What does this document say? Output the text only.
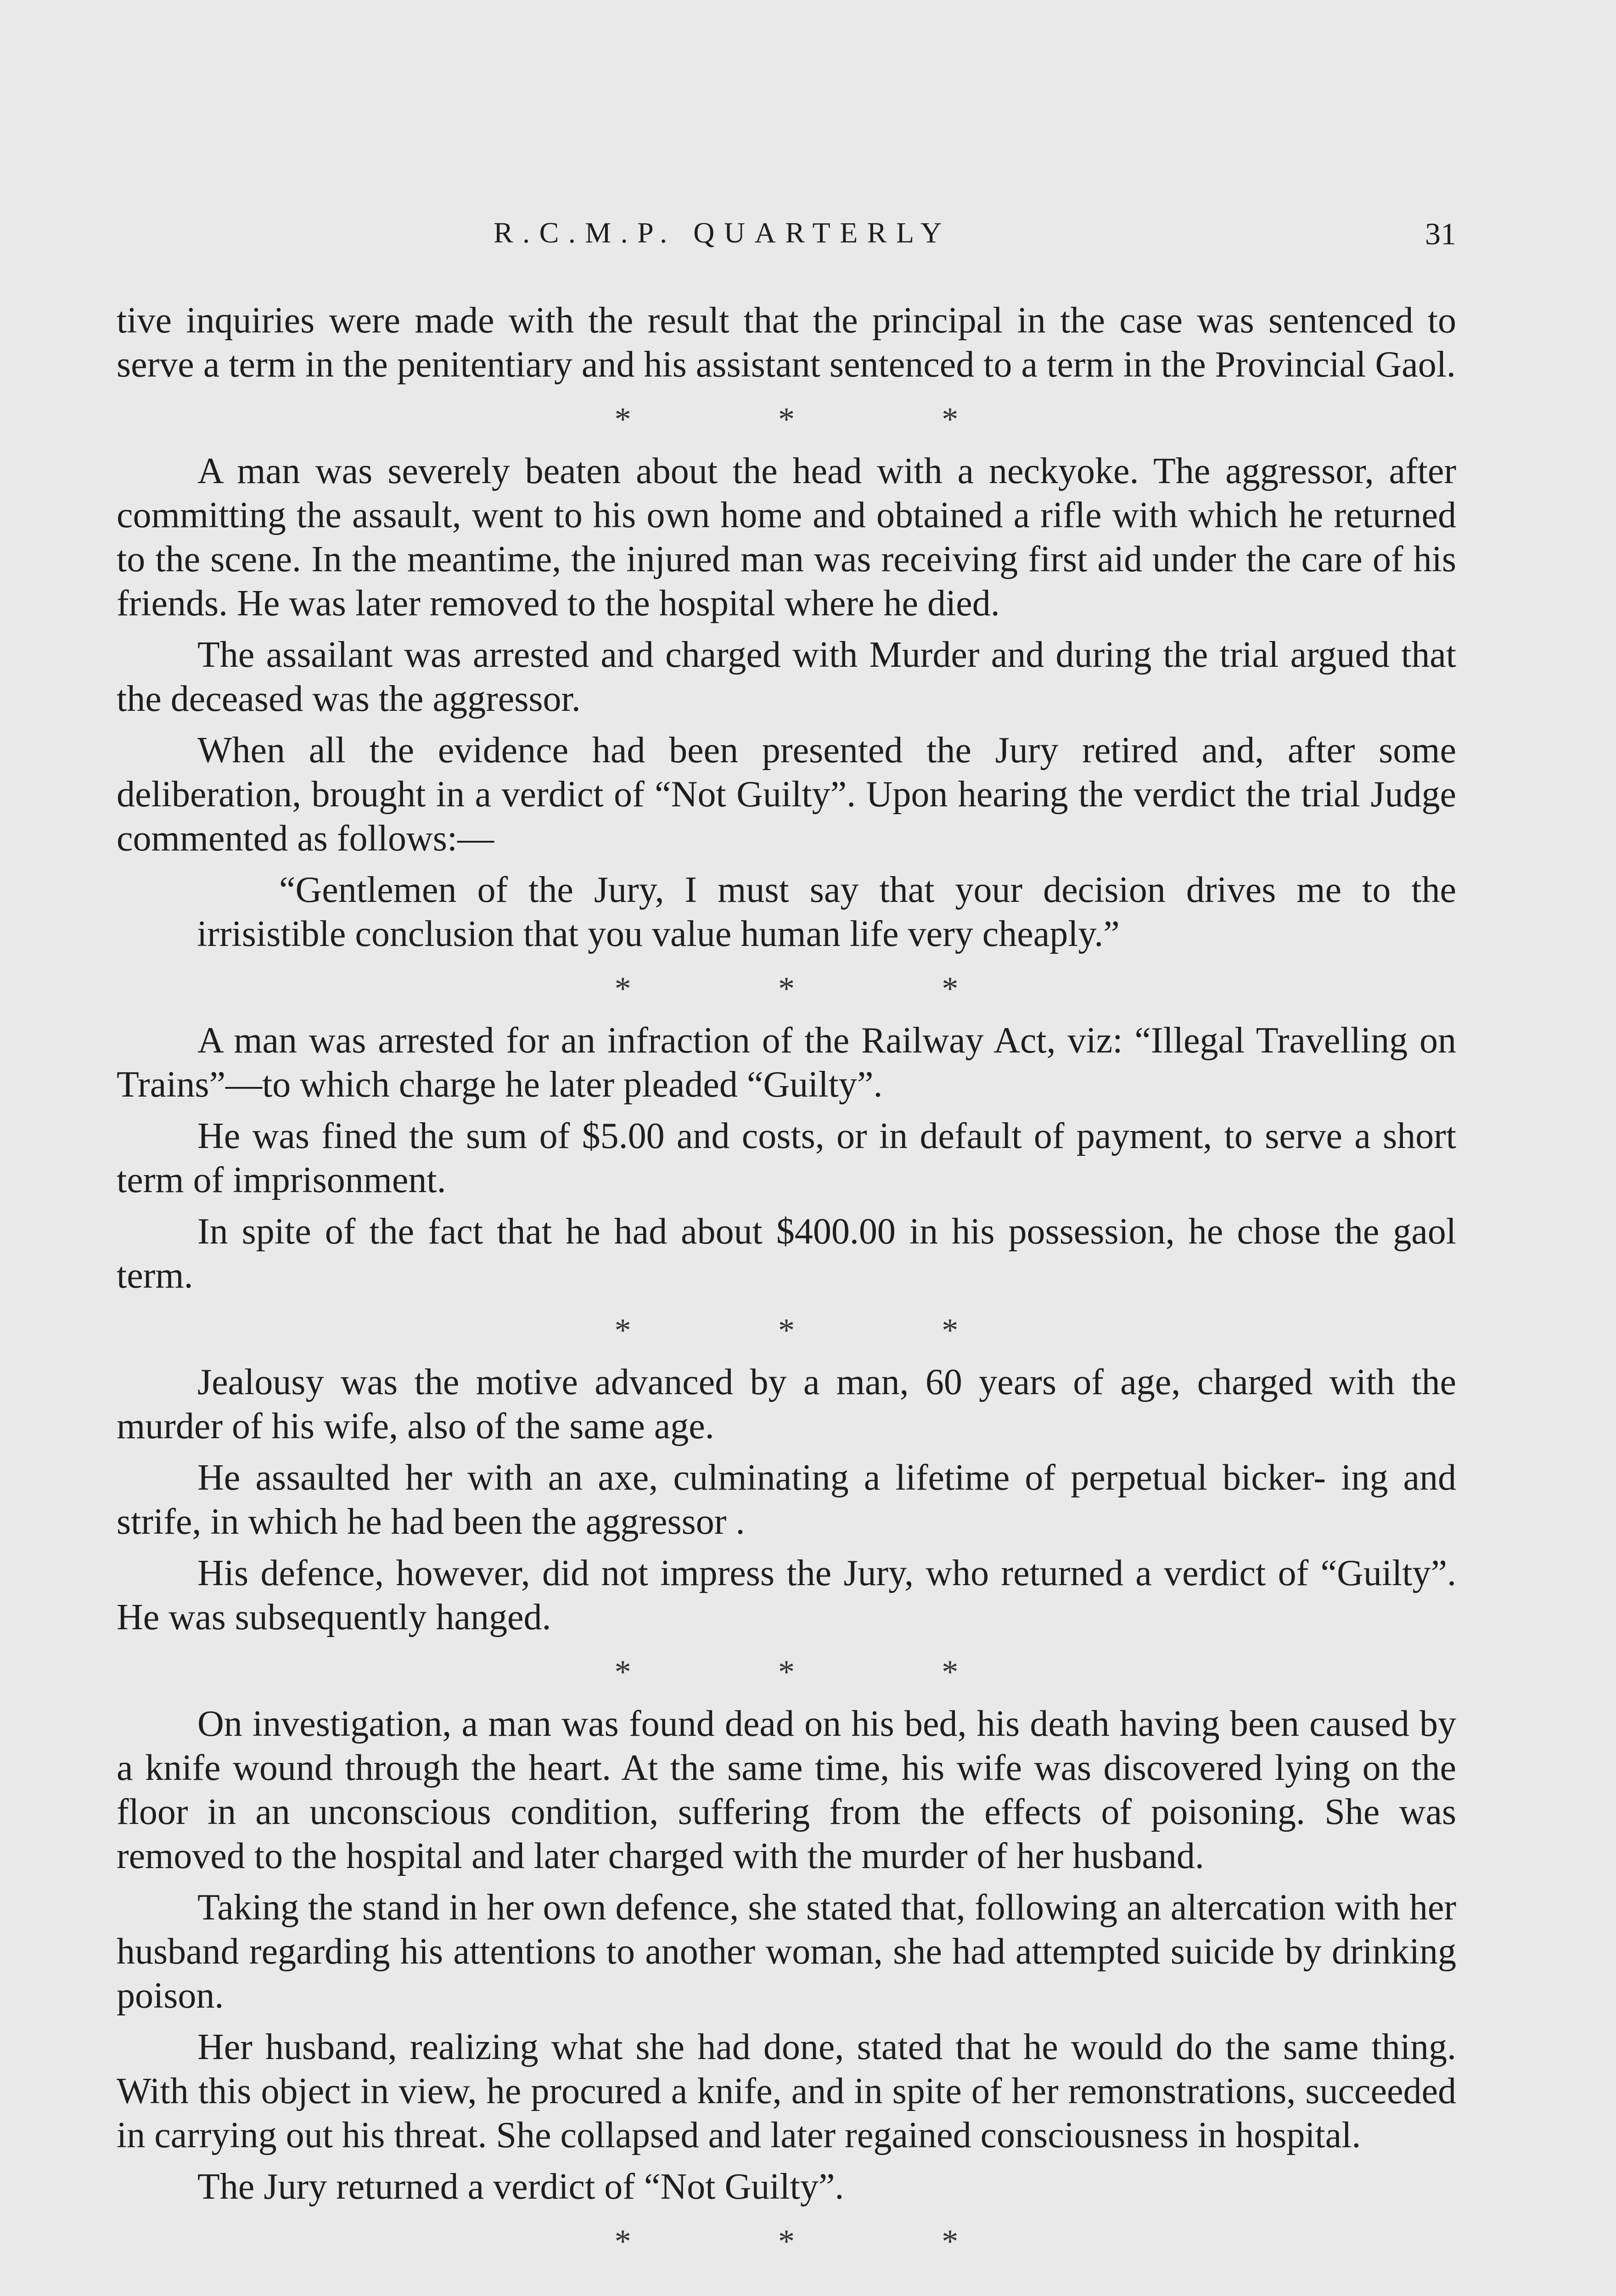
R.C.M.P. QUARTERLY	31

tive inquiries were made with the result that the principal in the case was sentenced to serve a term in the penitentiary and his assistant sentenced to a term in the Provincial Gaol.

* * *

A man was severely beaten about the head with a neckyoke. The aggressor, after committing the assault, went to his own home and obtained a rifle with which he returned to the scene. In the meantime, the injured man was receiving first aid under the care of his friends. He was later removed to the hospital where he died.

The assailant was arrested and charged with Murder and during the trial argued that the deceased was the aggressor.

When all the evidence had been presented the Jury retired and, after some deliberation, brought in a verdict of “Not Guilty”. Upon hearing the verdict the trial Judge commented as follows:—

“Gentlemen of the Jury, I must say that your decision drives me to the irrisistible conclusion that you value human life very cheaply.”

* * *

A man was arrested for an infraction of the Railway Act, viz: “Illegal Travelling on Trains”—to which charge he later pleaded “Guilty”.

He was fined the sum of $5.00 and costs, or in default of payment, to serve a short term of imprisonment.

In spite of the fact that he had about $400.00 in his possession, he chose the gaol term.

* * *

Jealousy was the motive advanced by a man, 60 years of age, charged with the murder of his wife, also of the same age.

He assaulted her with an axe, culminating a lifetime of perpetual bicker- ing and strife, in which he had been the aggressor .

His defence, however, did not impress the Jury, who returned a verdict of “Guilty”. He was subsequently hanged.

* * *

On investigation, a man was found dead on his bed, his death having been caused by a knife wound through the heart. At the same time, his wife was discovered lying on the floor in an unconscious condition, suffering from the effects of poisoning. She was removed to the hospital and later charged with the murder of her husband.

Taking the stand in her own defence, she stated that, following an altercation with her husband regarding his attentions to another woman, she had attempted suicide by drinking poison.

Her husband, realizing what she had done, stated that he would do the same thing. With this object in view, he procured a knife, and in spite of her remonstrations, succeeded in carrying out his threat. She collapsed and later regained consciousness in hospital.

The Jury returned a verdict of “Not Guilty”.

* * *
